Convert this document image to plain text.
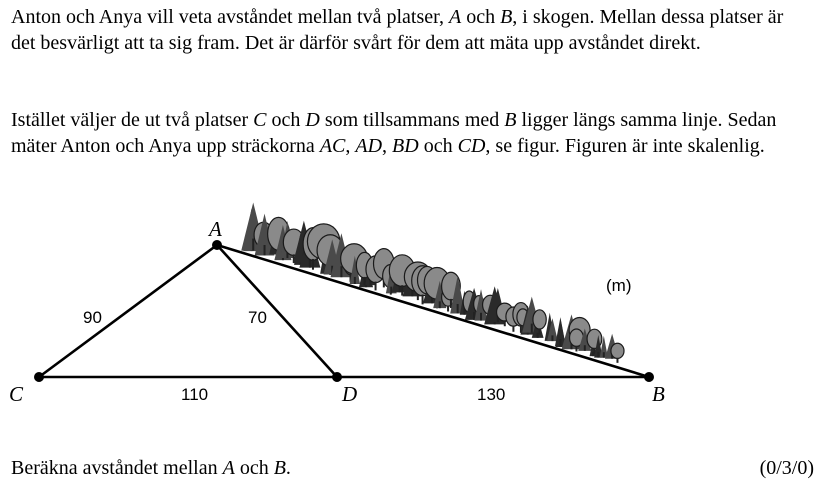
Anton och Anya vill veta avståndet mellan två platser, A och B, i skogen. Mellan dessa platser är det besvärligt att ta sig fram. Det är därför svårt för dem att mäta upp avståndet direkt.

Istället väljer de ut två platser C och D som tillsammans med B ligger längs samma linje. Sedan mäter Anton och Anya upp sträckorna AC, AD, BD och CD, se figur. Figuren är inte skalenlig.

A
C	D	B
90	70
110	130
(m)
Beräkna avståndet mellan A och B.	(0/3/0)
